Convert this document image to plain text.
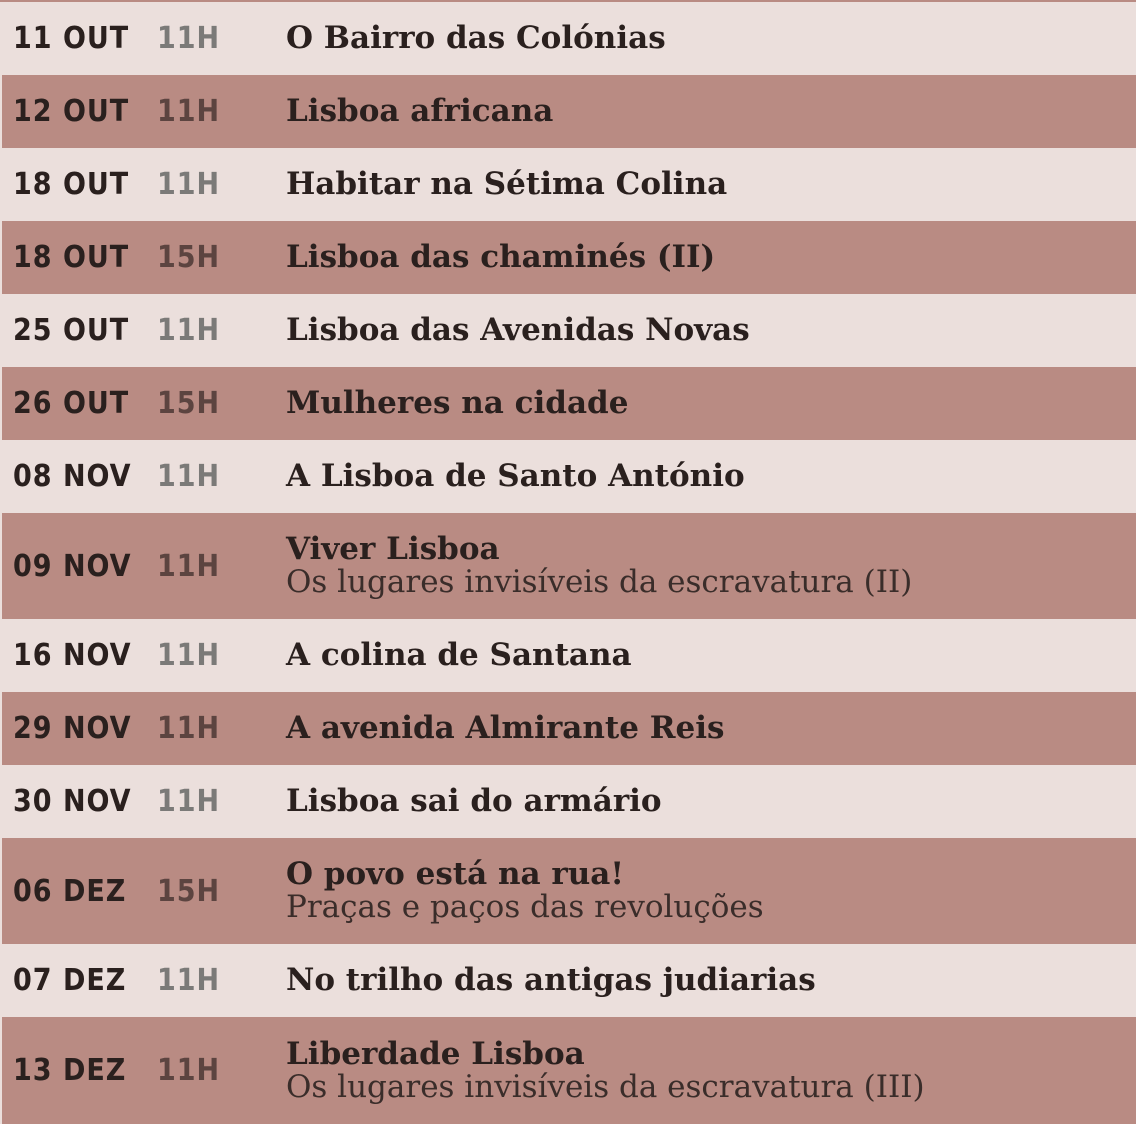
11 OUT 11H O Bairro das Colónias
12 OUT 11H Lisboa africana
18 OUT 11H Habitar na Sétima Colina
18 OUT 15H Lisboa das chaminés (II)
25 OUT 11H Lisboa das Avenidas Novas
26 OUT 15H Mulheres na cidade
08 NOV 11H A Lisboa de Santo António
09 NOV 11H Viver Lisboa
Os lugares invisíveis da escravatura (II)
16 NOV 11H A colina de Santana
29 NOV 11H A avenida Almirante Reis
30 NOV 11H Lisboa sai do armário
06 DEZ 15H O povo está na rua!
Praças e paços das revoluções
07 DEZ 11H No trilho das antigas judiarias
13 DEZ 11H Liberdade Lisboa
Os lugares invisíveis da escravatura (III)
